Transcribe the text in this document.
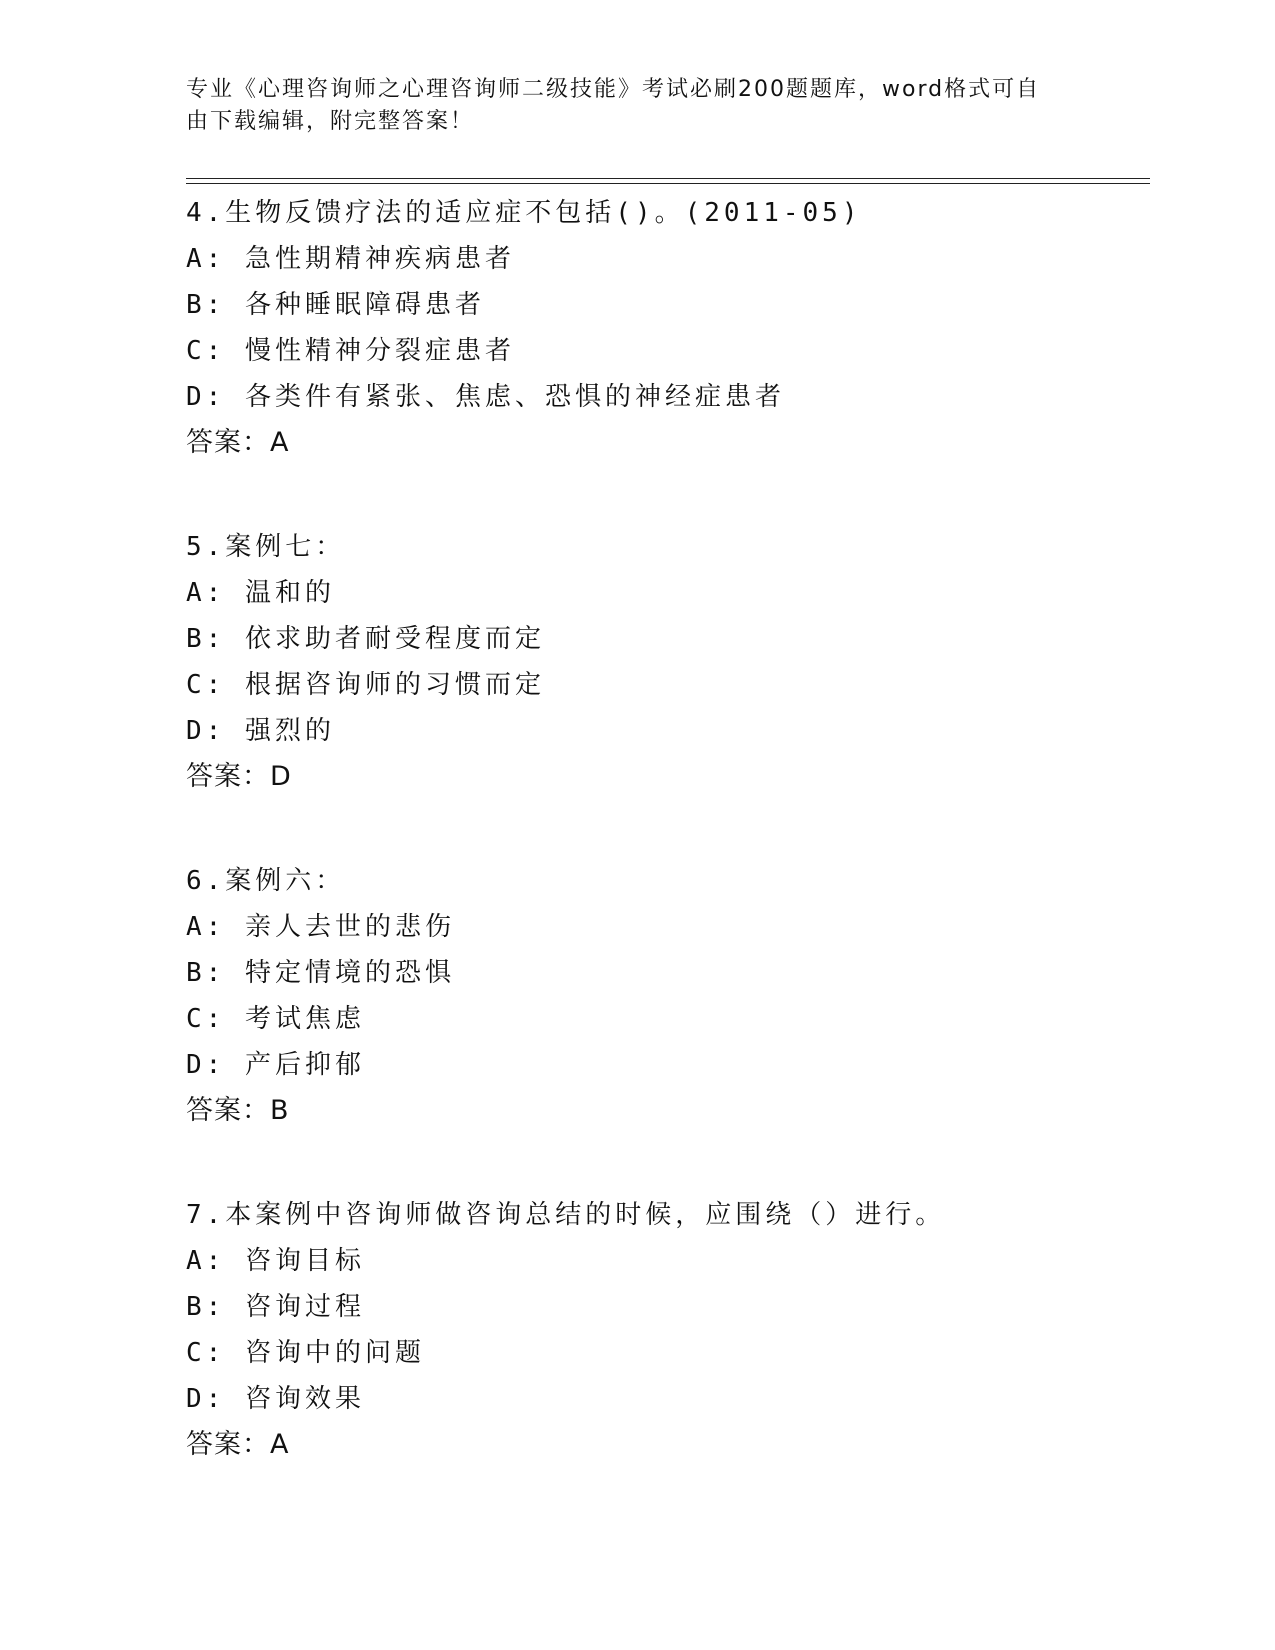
专业《心理咨询师之心理咨询师二级技能》考试必刷200题题库，word格式可自
由下载编辑，附完整答案！
4.生物反馈疗法的适应症不包括()。(2011-05)
A: 急性期精神疾病患者
B: 各种睡眠障碍患者
C: 慢性精神分裂症患者
D: 各类件有紧张、焦虑、恐惧的神经症患者
答案：A
5.案例七：
A: 温和的
B: 依求助者耐受程度而定
C: 根据咨询师的习惯而定
D: 强烈的
答案：D
6.案例六：
A: 亲人去世的悲伤
B: 特定情境的恐惧
C: 考试焦虑
D: 产后抑郁
答案：B
7.本案例中咨询师做咨询总结的时候，应围绕（）进行。
A: 咨询目标
B: 咨询过程
C: 咨询中的问题
D: 咨询效果
答案：A
